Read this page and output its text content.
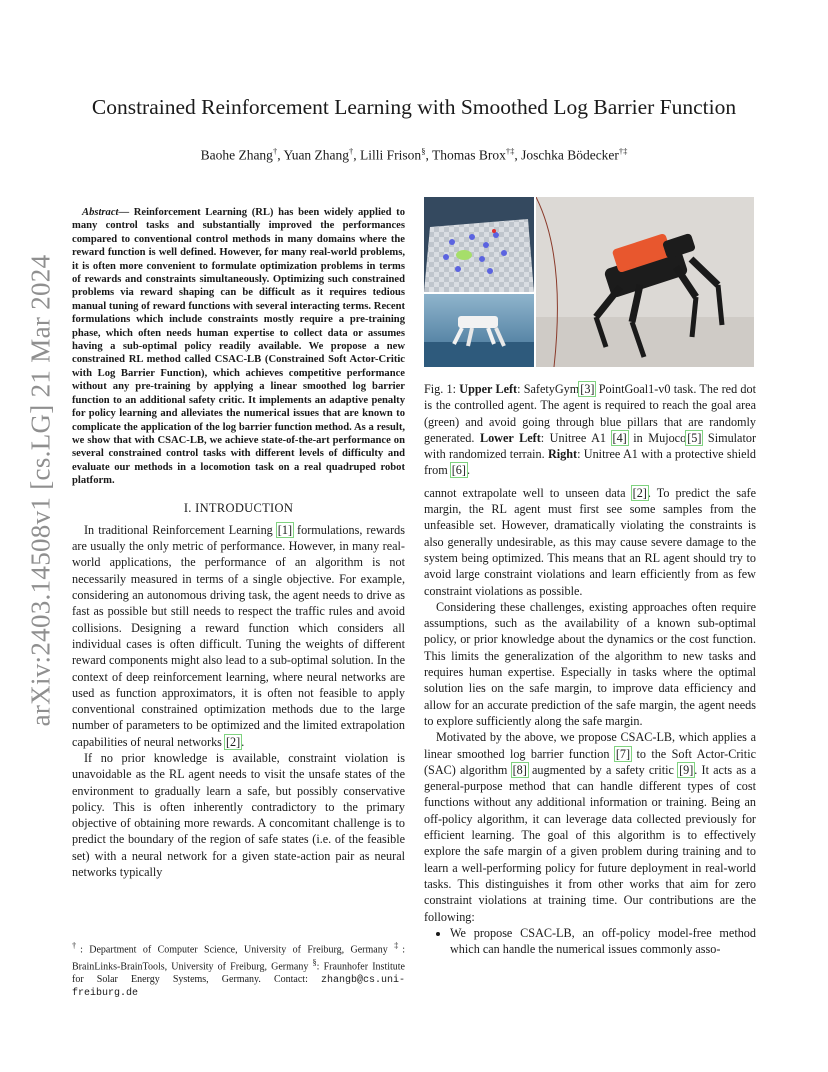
arXiv:2403.14508v1 [cs.LG] 21 Mar 2024
Constrained Reinforcement Learning with Smoothed Log Barrier Function
Baohe Zhang†, Yuan Zhang†, Lilli Frison§, Thomas Brox†‡, Joschka Bödecker†‡

Abstract— Reinforcement Learning (RL) has been widely applied to many control tasks and substantially improved the performances compared to conventional control methods in many domains where the reward function is well defined. However, for many real-world problems, it is often more convenient to formulate optimization problems in terms of rewards and constraints simultaneously. Optimizing such constrained problems via reward shaping can be difficult as it requires tedious manual tuning of reward functions with several interacting terms. Recent formulations which include constraints mostly require a pre-training phase, which often needs human expertise to collect data or assumes having a sub-optimal policy readily available. We propose a new constrained RL method called CSAC-LB (Constrained Soft Actor-Critic with Log Barrier Function), which achieves competitive performance without any pre-training by applying a linear smoothed log barrier function to an additional safety critic. It implements an adaptive penalty for policy learning and alleviates the numerical issues that are known to complicate the application of the log barrier function method. As a result, we show that with CSAC-LB, we achieve state-of-the-art performance on several constrained control tasks with different levels of difficulty and evaluate our methods in a locomotion task on a real quadruped robot platform.

I. INTRODUCTION

In traditional Reinforcement Learning [1] formulations, rewards are usually the only metric of performance. However, in many real-world applications, the performance of an algorithm is not necessarily measured in terms of a single objective. For example, considering an autonomous driving task, the agent needs to drive as fast as possible but still needs to respect the traffic rules and avoid collisions. Designing a reward function which considers all individual cases is often difficult. Tuning the weights of different reward components might also lead to a sub-optimal solution. In the context of deep reinforcement learning, where neural networks are used as function approximators, it is often not feasible to apply conventional constrained optimization methods due to the large number of parameters to be optimized and the limited extrapolation capabilities of neural networks [2].

If no prior knowledge is available, constraint violation is unavoidable as the RL agent needs to visit the unsafe states of the environment to gradually learn a safe, but possibly conservative policy. This is often inherently contradictory to the primary objective of obtaining more rewards. A concomitant challenge is to predict the boundary of the region of safe states (i.e. of the feasible set) with a neural network for a given state-action pair as neural networks typically

†: Department of Computer Science, University of Freiburg, Germany ‡: BrainLinks-BrainTools, University of Freiburg, Germany §: Fraunhofer Institute for Solar Energy Systems, Germany. Contact: zhangb@cs.uni-freiburg.de

Fig. 1: Upper Left: SafetyGym[3] PointGoal1-v0 task. The red dot is the controlled agent. The agent is required to reach the goal area (green) and avoid going through blue pillars that are randomly generated. Lower Left: Unitree A1 [4] in Mujoco[5] Simulator with randomized terrain. Right: Unitree A1 with a protective shield from [6].

cannot extrapolate well to unseen data [2]. To predict the safe margin, the RL agent must first see some samples from the unfeasible set. However, dramatically violating the constraints is also generally undesirable, as this may cause severe damage to the system being optimized. This means that an RL agent should try to avoid large constraint violations and learn efficiently from as few constraint violations as possible.

Considering these challenges, existing approaches often require assumptions, such as the availability of a known sub-optimal policy, or prior knowledge about the dynamics or the cost function. This limits the generalization of the algorithm to new tasks and requires human expertise. Especially in tasks where the optimal solution lies on the safe margin, to improve data efficiency and allow for an accurate prediction of the safe margin, the agent needs to explore sufficiently along the safe margin.

Motivated by the above, we propose CSAC-LB, which applies a linear smoothed log barrier function [7] to the Soft Actor-Critic (SAC) algorithm [8] augmented by a safety critic [9]. It acts as a general-purpose method that can handle different types of cost functions without any additional information or training. Being an off-policy algorithm, it can leverage data collected previously for efficient learning. The goal of this algorithm is to effectively explore the safe margin of a given problem during training and to learn a well-performing policy for future deployment in real-world tasks. This distinguishes it from other works that aim for zero constraint violations at training time. Our contributions are the following:

• We propose CSAC-LB, an off-policy model-free method which can handle the numerical issues commonly asso-
